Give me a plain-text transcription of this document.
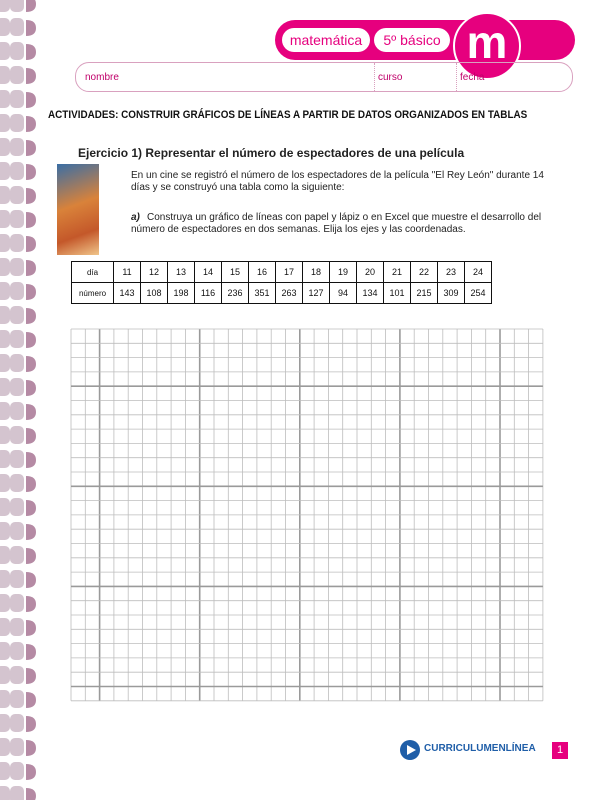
matemática	5º básico m
nombre	curso	fecha
ACTIVIDADES: CONSTRUIR GRÁFICOS DE LÍNEAS A PARTIR DE DATOS ORGANIZADOS EN TABLAS
Ejercicio 1) Representar el número de espectadores de una película
En un cine se registró el número de los espectadores de la película "El Rey León" durante 14 días y se construyó una tabla como la siguiente:
a) Construya un gráfico de líneas con papel y lápiz o en Excel que muestre el desarrollo del número de espectadores en dos semanas. Elija los ejes y las coordenadas.
día	11	12	13	14	15	16	17	18	19	20	21	22	23	24
número	143	108	198	116	236	351	263	127	94	134	101	215	309	254
CURRICULUMENLÍNEA	1
